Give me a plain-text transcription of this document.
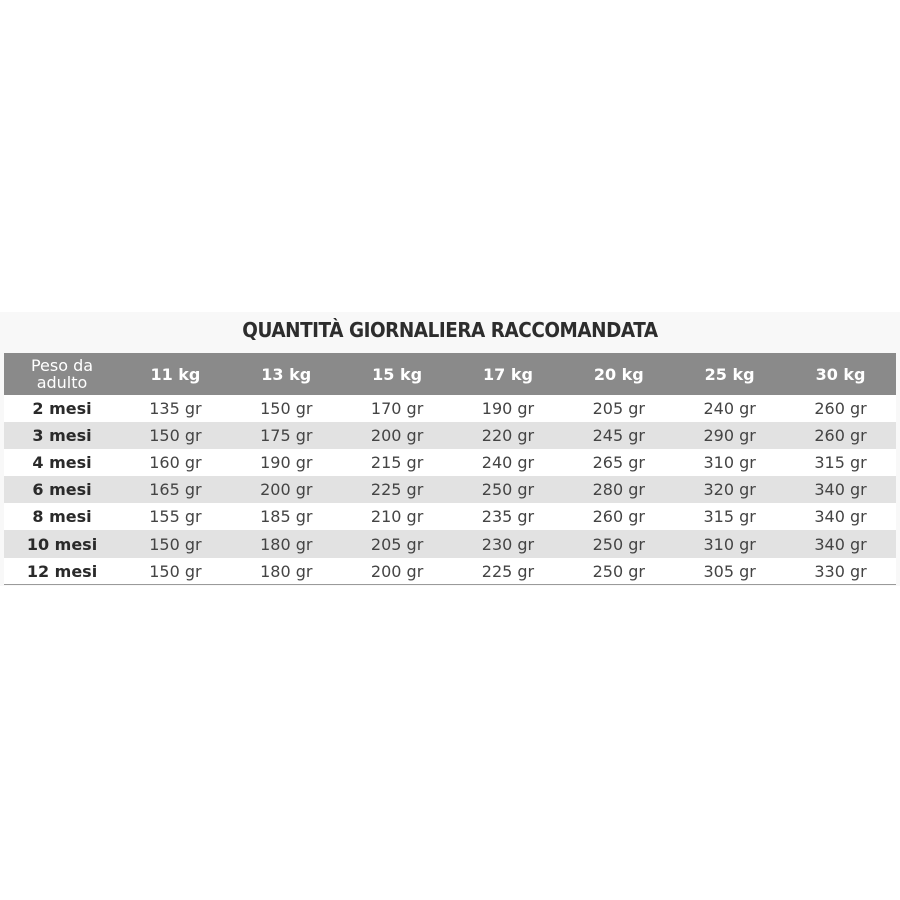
QUANTITÀ GIORNALIERA RACCOMANDATA
Peso da
adulto	11 kg	13 kg	15 kg	17 kg	20 kg	25 kg	30 kg
2 mesi	135 gr	150 gr	170 gr	190 gr	205 gr	240 gr	260 gr
3 mesi	150 gr	175 gr	200 gr	220 gr	245 gr	290 gr	260 gr
4 mesi	160 gr	190 gr	215 gr	240 gr	265 gr	310 gr	315 gr
6 mesi	165 gr	200 gr	225 gr	250 gr	280 gr	320 gr	340 gr
8 mesi	155 gr	185 gr	210 gr	235 gr	260 gr	315 gr	340 gr
10 mesi	150 gr	180 gr	205 gr	230 gr	250 gr	310 gr	340 gr
12 mesi	150 gr	180 gr	200 gr	225 gr	250 gr	305 gr	330 gr
